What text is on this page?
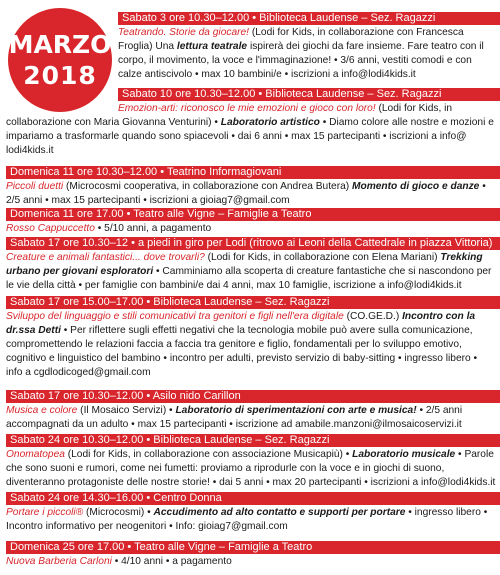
MARZO
2018
Sabato 3 ore 10.30–12.00 • Biblioteca Laudense – Sez. Ragazzi
Teatrando. Storie da giocare! (Lodi for Kids, in collaborazione con Francesca Froglia) Una lettura teatrale ispirerà dei giochi da fare insieme. Fare teatro con il corpo, il movimento, la voce e l'immaginazione! • 3/6 anni, vestiti comodi e con calze antiscivolo • max 10 bambini/e • iscrizioni a info@lodi4kids.it
Sabato 10 ore 10.30–12.00 • Biblioteca Laudense – Sez. Ragazzi
Emozion-arti: riconosco le mie emozioni e gioco con loro! (Lodi for Kids, in collaborazione con Maria Giovanna Venturini) • Laboratorio artistico • Diamo colore alle nostre e mozioni e impariamo a trasformarle quando sono spiacevoli • dai 6 anni • max 15 partecipanti • iscrizioni a info@ lodi4kids.it
Domenica 11 ore 10.30–12.00 • Teatrino Informagiovani
Piccoli duetti (Microcosmi cooperativa, in collaborazione con Andrea Butera) Momento di gioco e danze • 2/5 anni • max 15 partecipanti • iscrizioni a gioiag7@gmail.com
Domenica 11 ore 17.00 • Teatro alle Vigne – Famiglie a Teatro
Rosso Cappuccetto • 5/10 anni, a pagamento
Sabato 17 ore 10.30–12 • a piedi in giro per Lodi (ritrovo ai Leoni della Cattedrale in piazza Vittoria)
Creature e animali fantastici... dove trovarli? (Lodi for Kids, in collaborazione con Elena Mariani) Trekking urbano per giovani esploratori • Camminiamo alla scoperta di creature fantastiche che si nascondono per le vie della città • per famiglie con bambini/e dai 4 anni, max 10 famiglie, iscrizione a info@lodi4kids.it
Sabato 17 ore 15.00–17.00 • Biblioteca Laudense – Sez. Ragazzi
Sviluppo del linguaggio e stili comunicativi tra genitori e figli nell'era digitale (CO.GE.D.) Incontro con la dr.ssa Detti • Per riflettere sugli effetti negativi che la tecnologia mobile può avere sulla comunicazione, compromettendo le relazioni faccia a faccia tra genitore e figlio, fondamentali per lo sviluppo emotivo, cognitivo e linguistico del bambino • incontro per adulti, previsto servizio di baby-sitting • ingresso libero • info a cgdlodicoged@gmail.com
Sabato 17 ore 10.30–12.00 • Asilo nido Carillon
Musica e colore (Il Mosaico Servizi) • Laboratorio di sperimentazioni con arte e musica! • 2/5 anni accompagnati da un adulto • max 15 partecipanti • iscrizione ad amabile.manzoni@ilmosaicoservizi.it
Sabato 24 ore 10.30–12.00 • Biblioteca Laudense – Sez. Ragazzi
Onomatopea (Lodi for Kids, in collaborazione con associazione Musicapiù) • Laboratorio musicale • Parole che sono suoni e rumori, come nei fumetti: proviamo a riprodurle con la voce e in giochi di suono, diventeranno protagoniste delle nostre storie! • dai 5 anni • max 20 partecipanti • iscrizioni a info@lodi4kids.it
Sabato 24 ore 14.30–16.00 • Centro Donna
Portare i piccoli® (Microcosmi) • Accudimento ad alto contatto e supporti per portare • ingresso libero • Incontro informativo per neogenitori • Info: gioiag7@gmail.com
Domenica 25 ore 17.00 • Teatro alle Vigne – Famiglie a Teatro
Nuova Barberia Carloni • 4/10 anni • a pagamento
